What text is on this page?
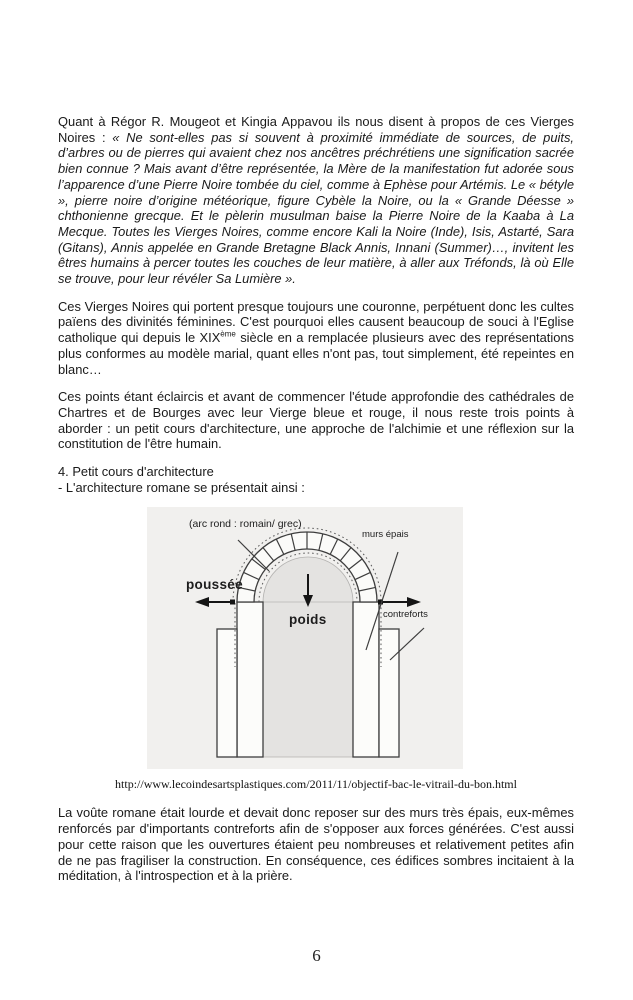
Quant à Régor R. Mougeot et Kingia Appavou ils nous disent à propos de ces Vierges Noires : « Ne sont-elles pas si souvent à proximité immédiate de sources, de puits, d’arbres ou de pierres qui avaient chez nos ancêtres préchrétiens une signification sacrée bien connue ? Mais avant d’être représentée, la Mère de la manifestation fut adorée sous l’apparence d’une Pierre Noire tombée du ciel, comme à Ephèse pour Artémis. Le « bétyle », pierre noire d’origine météorique, figure Cybèle la Noire, ou la « Grande Déesse » chthonienne grecque. Et le pèlerin musulman baise la Pierre Noire de la Kaaba à La Mecque. Toutes les Vierges Noires, comme encore Kali la Noire (Inde), Isis, Astarté, Sara (Gitans), Annis appelée en Grande Bretagne Black Annis, Innani (Summer)…, invitent les êtres humains à percer toutes les couches de leur matière, à aller aux Tréfonds, là où Elle se trouve, pour leur révéler Sa Lumière ».

Ces Vierges Noires qui portent presque toujours une couronne, perpétuent donc les cultes païens des divinités féminines. C'est pourquoi elles causent beaucoup de souci à l'Eglise catholique qui depuis le XIXème siècle en a remplacée plusieurs avec des représentations plus conformes au modèle marial, quant elles n'ont pas, tout simplement, été repeintes en blanc…

Ces points étant éclaircis et avant de commencer l'étude approfondie des cathédrales de Chartres et de Bourges avec leur Vierge bleue et rouge, il nous reste trois points à aborder : un petit cours d'architecture, une approche de l'alchimie et une réflexion sur la constitution de l'être humain.

4. Petit cours d'architecture
- L'architecture romane se présentait ainsi :
(arc rond : romain/ grec)
murs épais
poussée
poids	contreforts
http://www.lecoindesartsplastiques.com/2011/11/objectif-bac-le-vitrail-du-bon.html

La voûte romane était lourde et devait donc reposer sur des murs très épais, eux-mêmes renforcés par d'importants contreforts afin de s'opposer aux forces générées. C'est aussi pour cette raison que les ouvertures étaient peu nombreuses et relativement petites afin de ne pas fragiliser la construction. En conséquence, ces édifices sombres incitaient à la méditation, à l'introspection et à la prière.

6
